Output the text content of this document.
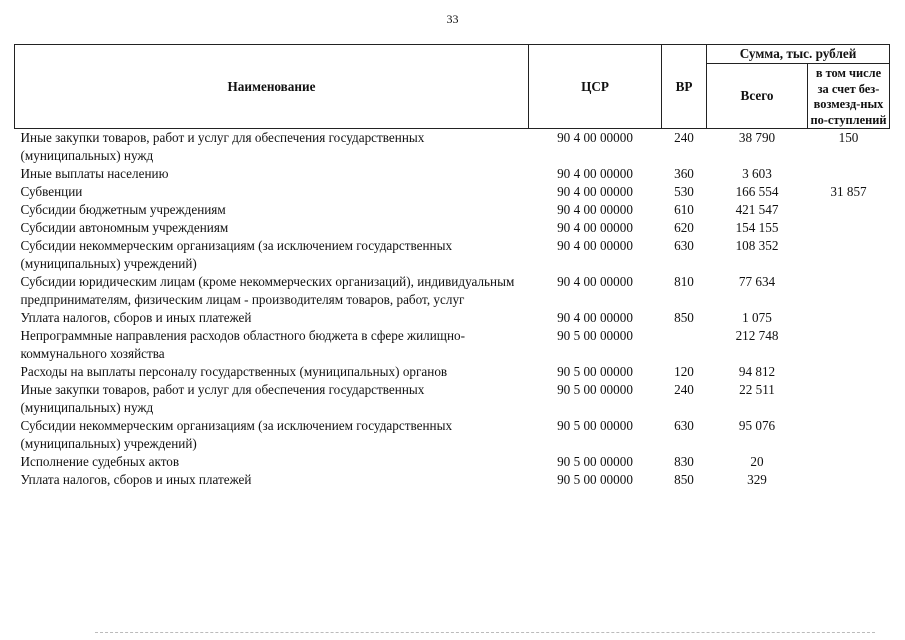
33
Наименование	ЦСР	ВР	Сумма, тыс. рублей	
			Всего	в том числе за счет без-возмезд-ных по-ступлений
Иные закупки товаров, работ и услуг для обеспечения государственных (муниципальных) нужд	90 4 00 00000	240	38 790	150
Иные выплаты населению	90 4 00 00000	360	3 603	
Субвенции	90 4 00 00000	530	166 554	31 857
Субсидии бюджетным учреждениям	90 4 00 00000	610	421 547	
Субсидии автономным учреждениям	90 4 00 00000	620	154 155	
Субсидии некоммерческим организациям (за исключением государственных (муниципальных) учреждений)	90 4 00 00000	630	108 352	
Субсидии юридическим лицам (кроме некоммерческих организаций), индивидуальным предпринимателям, физическим лицам - производителям товаров, работ, услуг	90 4 00 00000	810	77 634	
Уплата налогов, сборов и иных платежей	90 4 00 00000	850	1 075	
Непрограммные направления расходов областного бюджета в сфере жилищно-коммунального хозяйства	90 5 00 00000		212 748	
Расходы на выплаты персоналу государственных (муниципальных) органов	90 5 00 00000	120	94 812	
Иные закупки товаров, работ и услуг для обеспечения государственных (муниципальных) нужд	90 5 00 00000	240	22 511	
Субсидии некоммерческим организациям (за исключением государственных (муниципальных) учреждений)	90 5 00 00000	630	95 076	
Исполнение судебных актов	90 5 00 00000	830	20	
Уплата налогов, сборов и иных платежей	90 5 00 00000	850	329	
